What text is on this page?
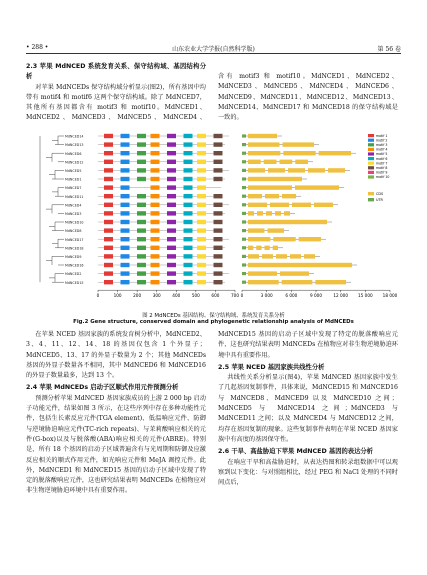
• 288 •	山东农业大学学报(自然科学版)	第 56 卷
2.3 苹果 MdNCED 系统发育关系、保守结构域、基因结构分析

对苹果 MdNCEDs 保守结构域分析显示(图2)，所有基因中均带有 motif4 和 motif6 这两个保守结构域。除了 MdNCED7，其他所有基因都含有 motif3 和 motif10。MdNCED1、MdNCED2、MdNCED3、MdNCED5、MdNCED4、

含有 motif3 和 motif10。MdNCED1、MdNCED2、MdNCED3、MdNCED5、MdNCED4、MdNCED6、MdNCED9、MdNCED11、MdNCED12、MdNCED13、MdNCED14、MdNCED17 和 MdNCED18 的保守结构域是一致的。

MdNCED14
MdNCED13
MdNCED6
MdNCED12
MdNCED5
MdNCED1
MdNCED7
MdNCED11
MdNCED4
MdNCED3
MdNCED10
MdNCED8
MdNCED17
MdNCED18
MdNCED9
MdNCED16
MdNCED2
MdNCED15
0	100	200	300	400	500	600	700 0	3 000	6 000	9 000	12 000 15 000 18 000
motif 1
motif 2
motif 3
motif 4
motif 5
motif 6
motif 7
motif 8
motif 9
motif 10
CDS
UTR
图 2 MdNCEDs 基因结构、保守结构域、系统发育关系分析
Fig.2 Gene structure, conserved domain and phylogenetic relationship analysis of MdNCEDs

在苹果 NCED 基因家族的系统发育树分析中，MdNCED2、3、4、11、12、14、18 的基因仅包含 1 个外显子；MdNCED5、13、17 的外显子数量为 2 个；其他 MdNCEDs 基因的外显子数量各不相同，其中 MdNCED6 和 MdNCED16 的外显子数量最多，达到 13 个。

2.4 苹果 MdNCEDs 启动子区顺式作用元件预测分析

预测分析苹果 MdNCED 基因家族成员的上游 2 000 bp 启动子功能元件，结果如图 3 所示，在这些序列中存在多种功能性元件，包括生长素反应元件(TGA element)、低温响应元件、防御与逆境胁迫响应元件(TC-rich repeats)、与茉莉酸响应相关的元件(G-box)以及与脱落酸(ABA)响应相关的元件(ABRE)。特别是，所有 18 个基因的启动子区域普遍含有与光周期和防御及应激反应相关的顺式作用元件，如光响应元件和 MeJA 调控元件。此外，MdNCED1 和 MdNCED15 基因的启动子区域中发现了特定的脱落酸响应元件，这也研究结果表明 MdNCEDs 在植物应对非生物逆境胁迫环境中具有重要作用。

MdNCED15 基因的启动子区域中发现了特定的脱落酸响应元件，这也研究结果表明 MdNCEDs 在植物应对非生物逆境胁迫环境中具有重要作用。

2.5 苹果 NCED 基因家族共线性分析

共线性关系分析显示(图4)，苹果 MdNCED 基因家族中发生了几起基因复制事件，具体来说，MdNCED15 和 MdNCED16 与 MdNCED8、MdNCED9 以及 MdNCED10 之间；MdNCED5 与 MdNCED14 之间；MdNCED3 与 MdNCED11 之间；以及 MdNCED4 与 MdNCED12 之间，均存在基因复制的现象。这些复制事件表明在苹果 NCED 基因家族中有高度的基因保守性。

2.6 干旱、高盐胁迫下苹果 MdNCED 基因的表达分析

在响应干旱和高盐胁迫时，从表达热图和转录组数据中可以观察到以下变化：与对照组相比，经过 PEG 和 NaCl 处理的不同时间点后，
